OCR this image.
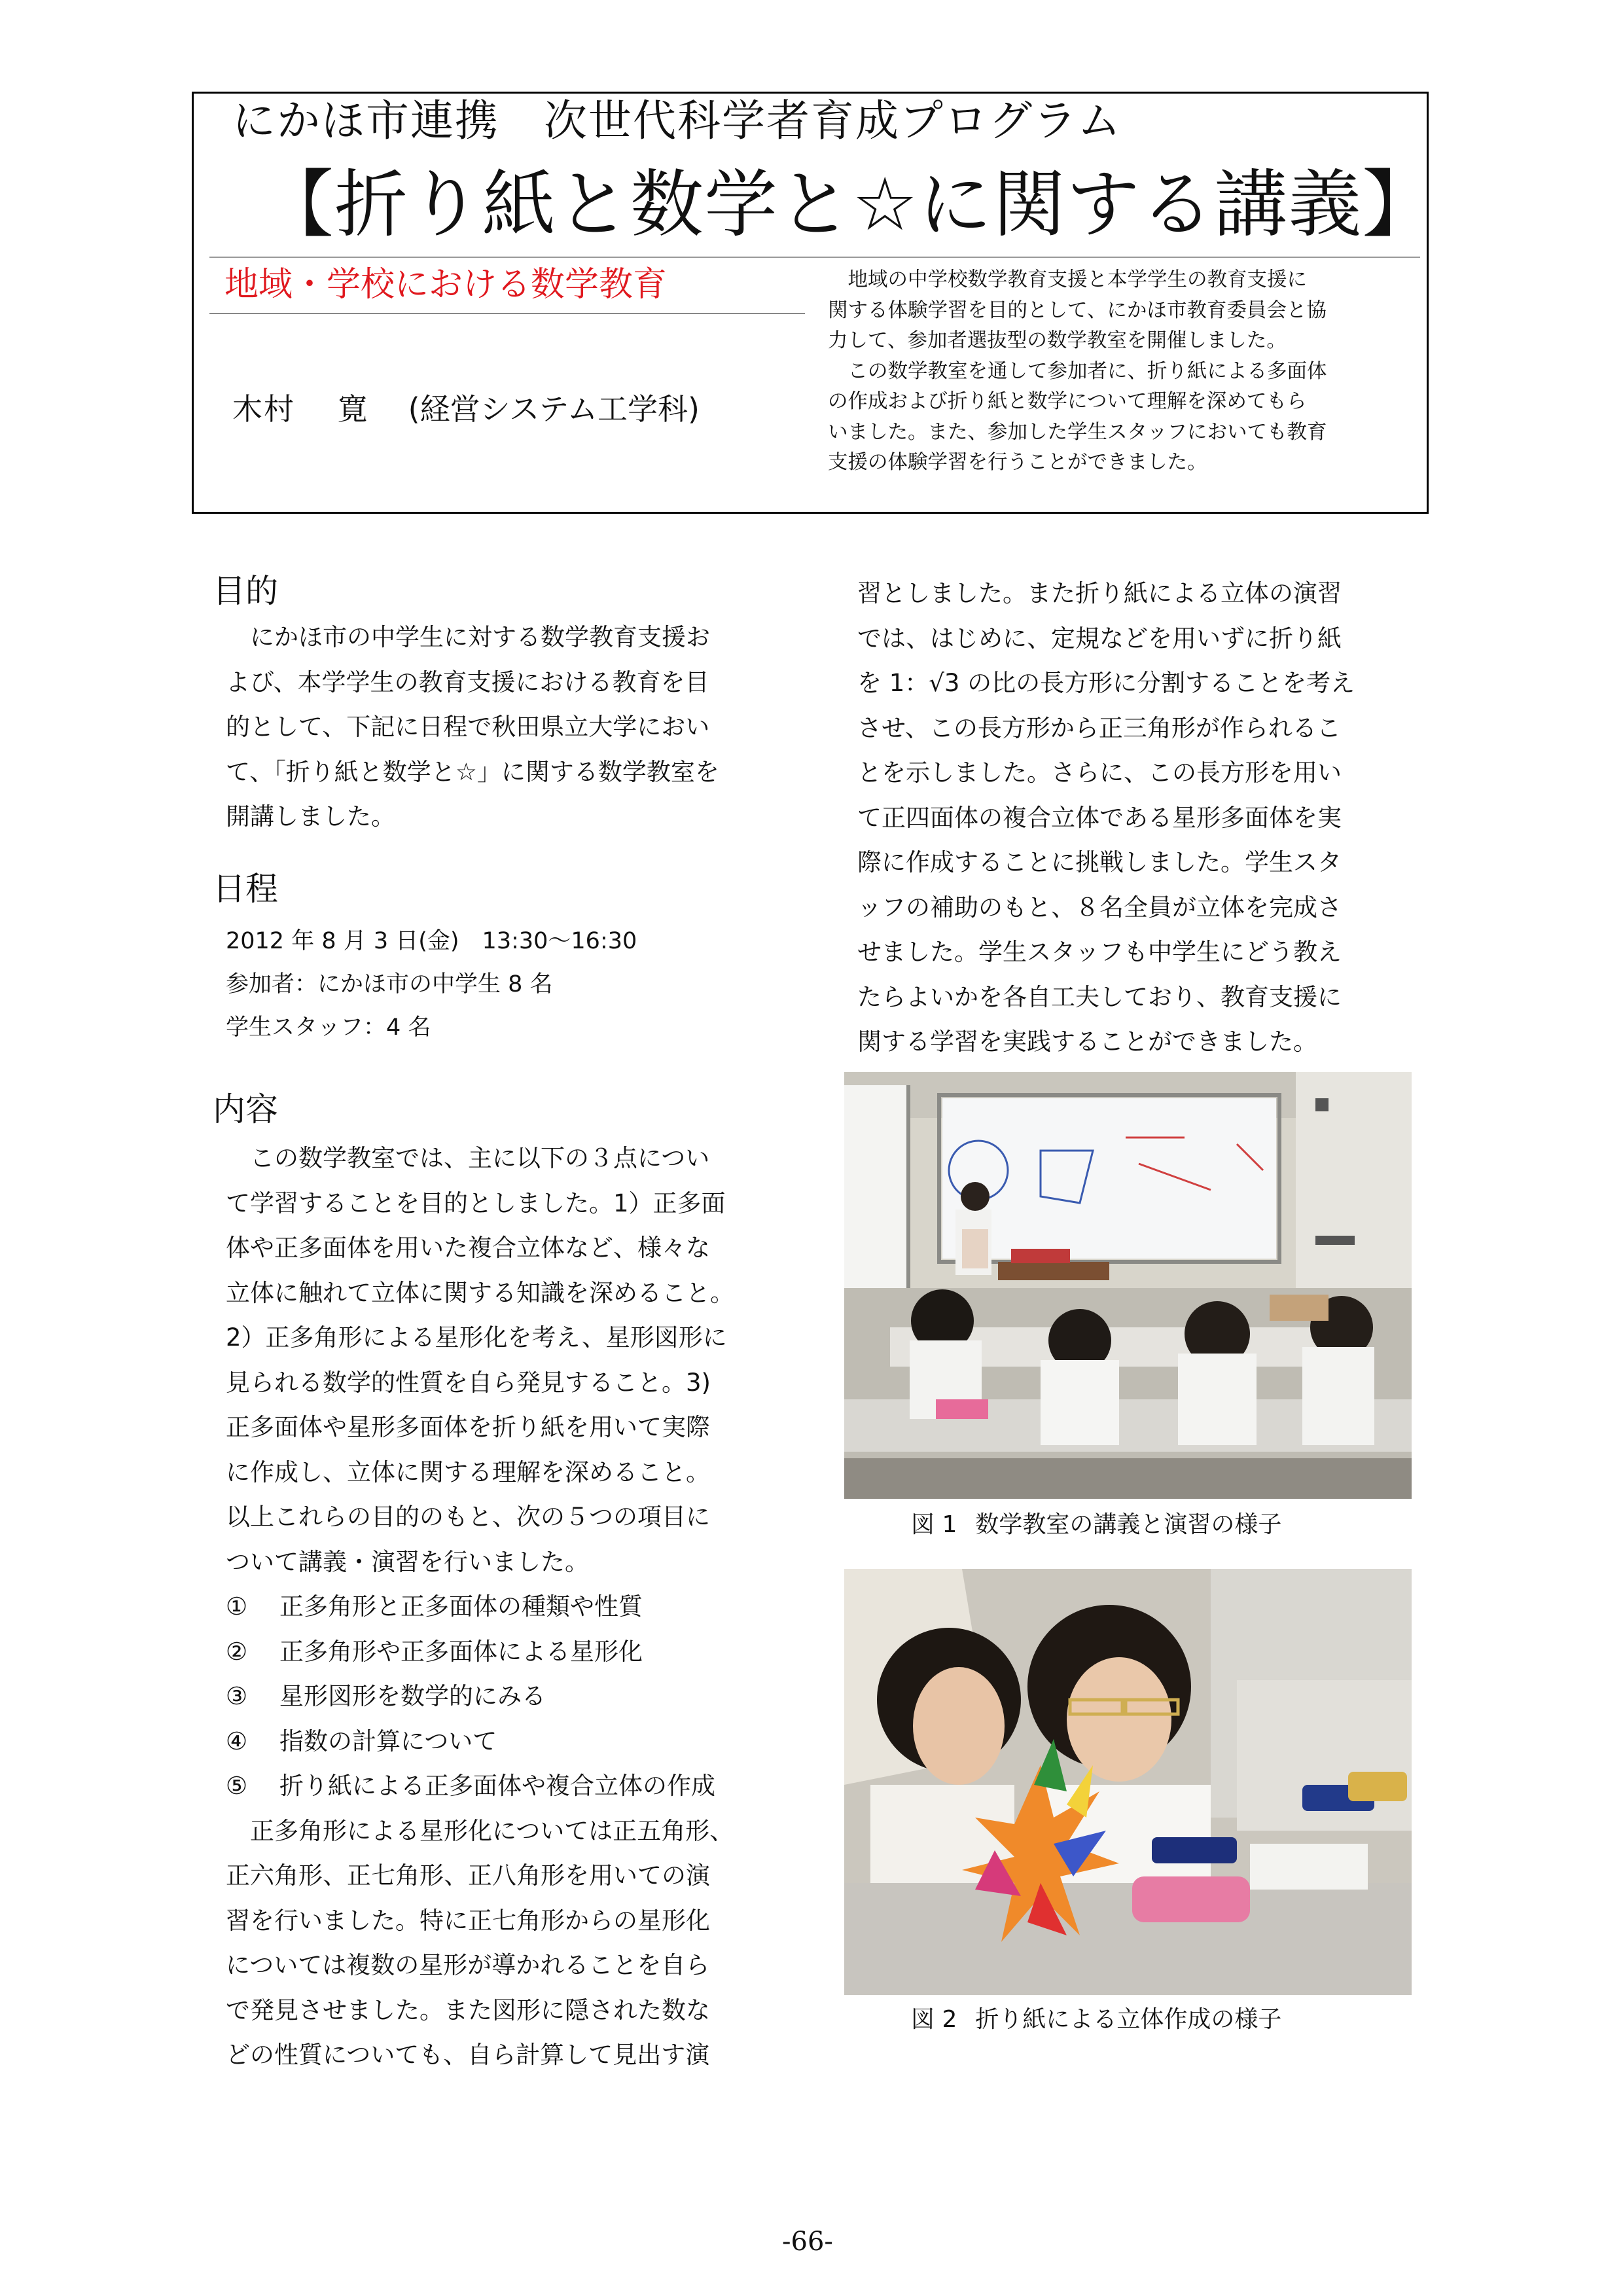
にかほ市連携　次世代科学者育成プログラム
【折り紙と数学と☆に関する講義】
地域・学校における数学教育
木村　 寛 (経営システム工学科)
　地域の中学校数学教育支援と本学学生の教育支援に
関する体験学習を目的として、にかほ市教育委員会と協
力して、参加者選抜型の数学教室を開催しました。
　この数学教室を通して参加者に、折り紙による多面体
の作成および折り紙と数学について理解を深めてもら
いました。また、参加した学生スタッフにおいても教育
支援の体験学習を行うことができました。
目的
　にかほ市の中学生に対する数学教育支援お
よび、本学学生の教育支援における教育を目
的として、下記に日程で秋田県立大学におい
て、「折り紙と数学と☆」に関する数学教室を
開講しました。
日程
2012 年 8 月 3 日(金)　13:30～16:30
参加者：にかほ市の中学生 8 名
学生スタッフ：4 名
内容
　この数学教室では、主に以下の３点につい
て学習することを目的としました。1）正多面
体や正多面体を用いた複合立体など、様々な
立体に触れて立体に関する知識を深めること。
2）正多角形による星形化を考え、星形図形に
見られる数学的性質を自ら発見すること。3)
正多面体や星形多面体を折り紙を用いて実際
に作成し、立体に関する理解を深めること。
以上これらの目的のもと、次の５つの項目に
ついて講義・演習を行いました。
① 正多角形と正多面体の種類や性質
② 正多角形や正多面体による星形化
③ 星形図形を数学的にみる
④ 指数の計算について
⑤ 折り紙による正多面体や複合立体の作成
　正多角形による星形化については正五角形、
正六角形、正七角形、正八角形を用いての演
習を行いました。特に正七角形からの星形化
については複数の星形が導かれることを自ら
で発見させました。また図形に隠された数な
どの性質についても、自ら計算して見出す演
習としました。また折り紙による立体の演習
では、はじめに、定規などを用いずに折り紙
を 1：√3 の比の長方形に分割することを考え
させ、この長方形から正三角形が作られるこ
とを示しました。さらに、この長方形を用い
て正四面体の複合立体である星形多面体を実
際に作成することに挑戦しました。学生スタ
ッフの補助のもと、８名全員が立体を完成さ
せました。学生スタッフも中学生にどう教え
たらよいかを各自工夫しており、教育支援に
関する学習を実践することができました。
図 1 数学教室の講義と演習の様子
図 2 折り紙による立体作成の様子
-66-
